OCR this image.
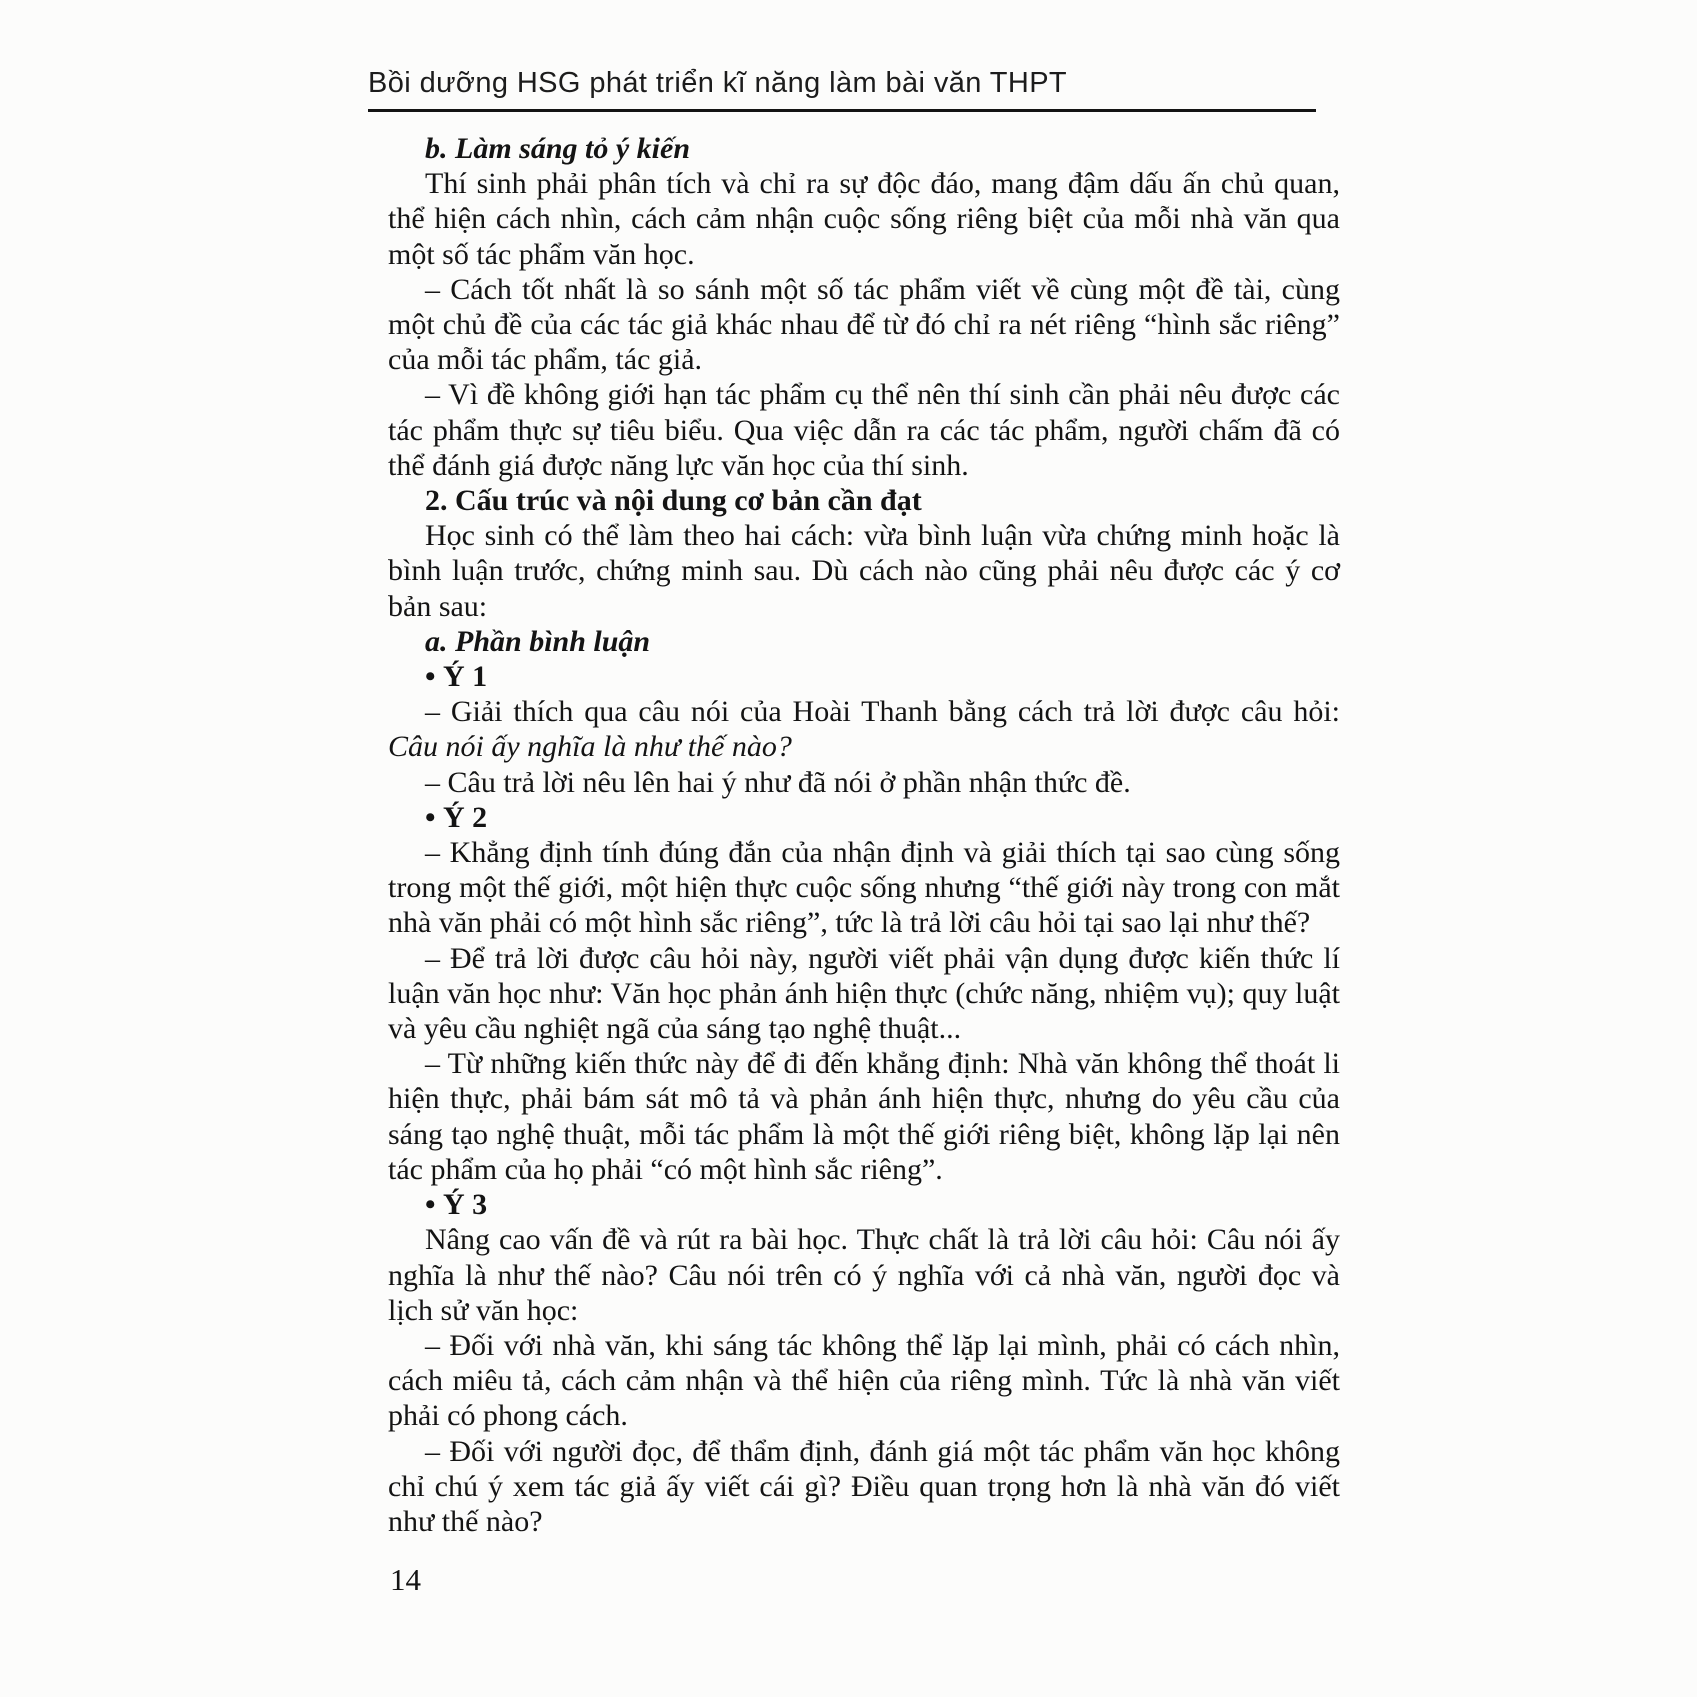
Bồi dưỡng HSG phát triển kĩ năng làm bài văn THPT

b. Làm sáng tỏ ý kiến

Thí sinh phải phân tích và chỉ ra sự độc đáo, mang đậm dấu ấn chủ quan, thể hiện cách nhìn, cách cảm nhận cuộc sống riêng biệt của mỗi nhà văn qua một số tác phẩm văn học.

– Cách tốt nhất là so sánh một số tác phẩm viết về cùng một đề tài, cùng một chủ đề của các tác giả khác nhau để từ đó chỉ ra nét riêng “hình sắc riêng” của mỗi tác phẩm, tác giả.

– Vì đề không giới hạn tác phẩm cụ thể nên thí sinh cần phải nêu được các tác phẩm thực sự tiêu biểu. Qua việc dẫn ra các tác phẩm, người chấm đã có thể đánh giá được năng lực văn học của thí sinh.

2. Cấu trúc và nội dung cơ bản cần đạt

Học sinh có thể làm theo hai cách: vừa bình luận vừa chứng minh hoặc là bình luận trước, chứng minh sau. Dù cách nào cũng phải nêu được các ý cơ bản sau:

a. Phần bình luận

• Ý 1

– Giải thích qua câu nói của Hoài Thanh bằng cách trả lời được câu hỏi: Câu nói ấy nghĩa là như thế nào?

– Câu trả lời nêu lên hai ý như đã nói ở phần nhận thức đề.

• Ý 2

– Khẳng định tính đúng đắn của nhận định và giải thích tại sao cùng sống trong một thế giới, một hiện thực cuộc sống nhưng “thế giới này trong con mắt nhà văn phải có một hình sắc riêng”, tức là trả lời câu hỏi tại sao lại như thế?

– Để trả lời được câu hỏi này, người viết phải vận dụng được kiến thức lí luận văn học như: Văn học phản ánh hiện thực (chức năng, nhiệm vụ); quy luật và yêu cầu nghiệt ngã của sáng tạo nghệ thuật...

– Từ những kiến thức này để đi đến khẳng định: Nhà văn không thể thoát li hiện thực, phải bám sát mô tả và phản ánh hiện thực, nhưng do yêu cầu của sáng tạo nghệ thuật, mỗi tác phẩm là một thế giới riêng biệt, không lặp lại nên tác phẩm của họ phải “có một hình sắc riêng”.

• Ý 3

Nâng cao vấn đề và rút ra bài học. Thực chất là trả lời câu hỏi: Câu nói ấy nghĩa là như thế nào? Câu nói trên có ý nghĩa với cả nhà văn, người đọc và lịch sử văn học:

– Đối với nhà văn, khi sáng tác không thể lặp lại mình, phải có cách nhìn, cách miêu tả, cách cảm nhận và thể hiện của riêng mình. Tức là nhà văn viết phải có phong cách.

– Đối với người đọc, để thẩm định, đánh giá một tác phẩm văn học không chỉ chú ý xem tác giả ấy viết cái gì? Điều quan trọng hơn là nhà văn đó viết như thế nào?

14
